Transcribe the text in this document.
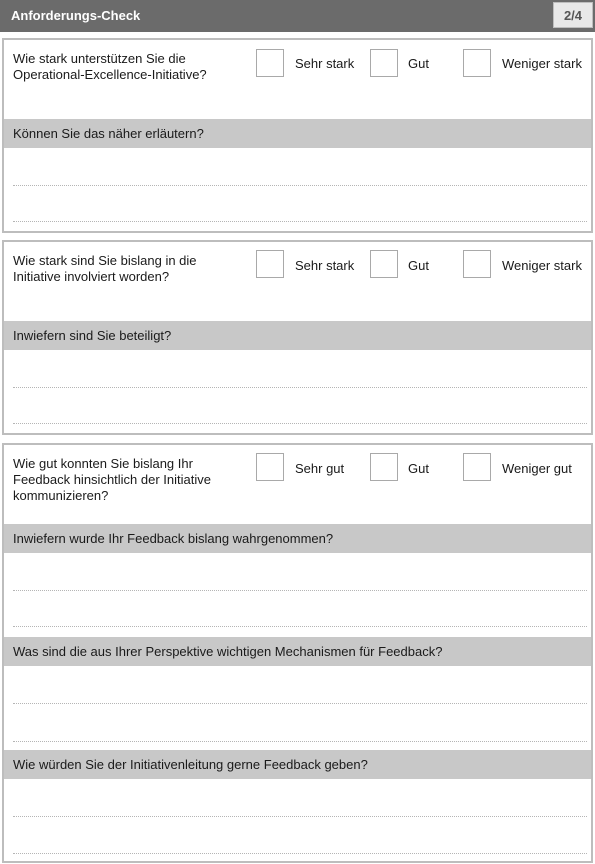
Anforderungs-Check	2/4
Wie stark unterstützen Sie die Operational-Excellence-Initiative?
Sehr stark	Gut	Weniger stark
Können Sie das näher erläutern?
Wie stark sind Sie bislang in die Initiative involviert worden?
Sehr stark	Gut	Weniger stark
Inwiefern sind Sie beteiligt?
Wie gut konnten Sie bislang Ihr Feedback hinsichtlich der Initiative kommunizieren?
Sehr gut	Gut	Weniger gut
Inwiefern wurde Ihr Feedback bislang wahrgenommen?
Was sind die aus Ihrer Perspektive wichtigen Mechanismen für Feedback?
Wie würden Sie der Initiativenleitung gerne Feedback geben?
